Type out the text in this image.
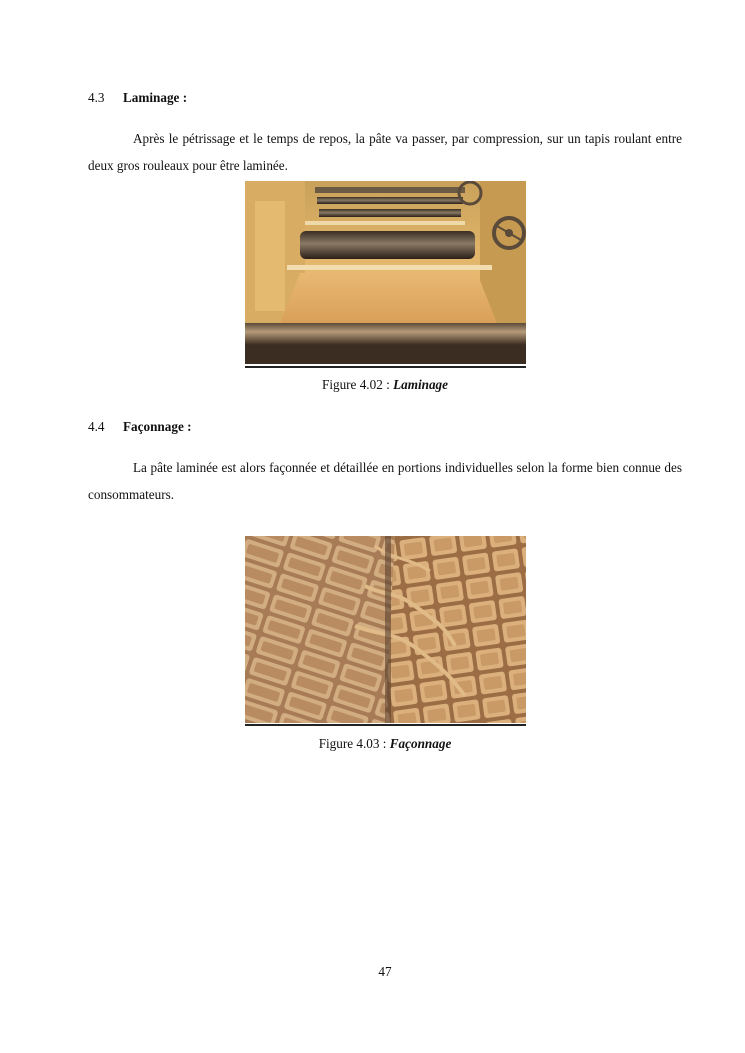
4.3 Laminage :
Après le pétrissage et le temps de repos, la pâte va passer, par compression, sur un tapis roulant entre deux gros rouleaux pour être laminée.
Figure 4.02 : Laminage
4.4 Façonnage :
La pâte laminée est alors façonnée et détaillée en portions individuelles selon la forme bien connue des consommateurs.
Figure 4.03 : Façonnage
47
